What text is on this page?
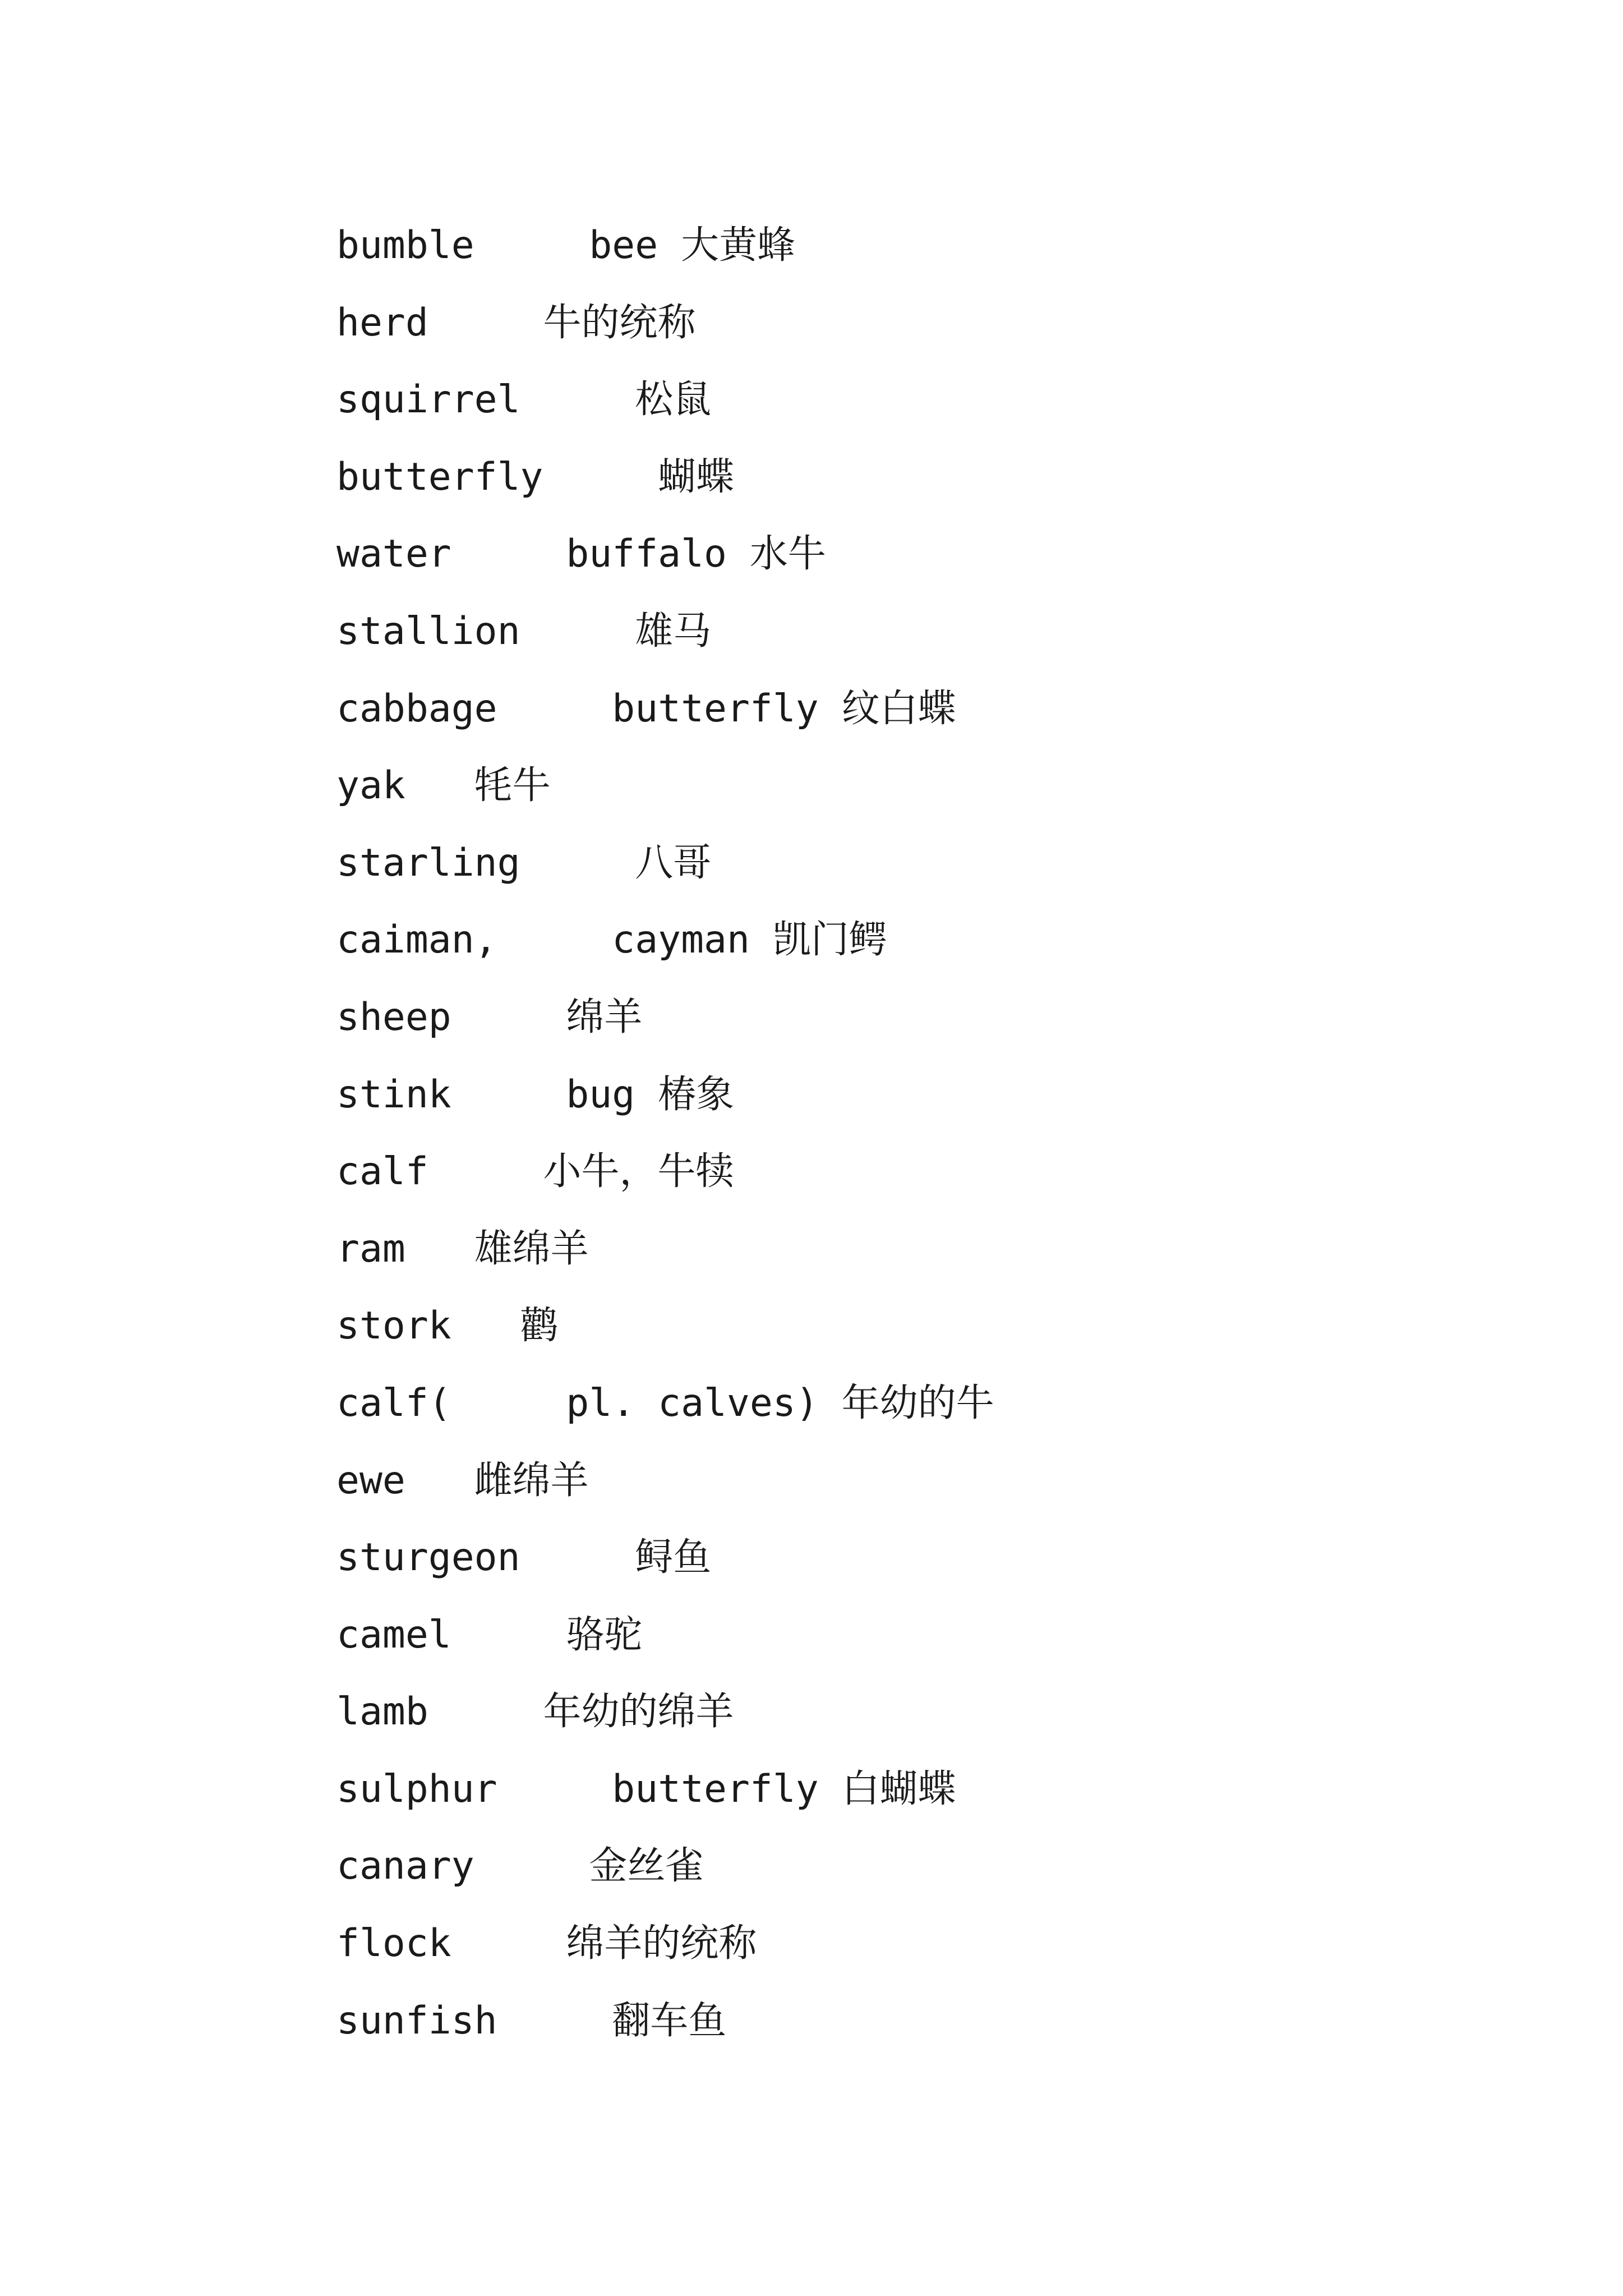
bumble     bee 大黄蜂
herd     牛的统称
squirrel     松鼠
butterfly     蝴蝶
water     buffalo 水牛
stallion     雄马
cabbage     butterfly 纹白蝶
yak   牦牛
starling     八哥
caiman,     cayman 凯门鳄
sheep     绵羊
stink     bug 椿象
calf     小牛，牛犊
ram   雄绵羊
stork   鹳
calf(     pl. calves) 年幼的牛
ewe   雌绵羊
sturgeon     鲟鱼
camel     骆驼
lamb     年幼的绵羊
sulphur     butterfly 白蝴蝶
canary     金丝雀
flock     绵羊的统称
sunfish     翻车鱼
